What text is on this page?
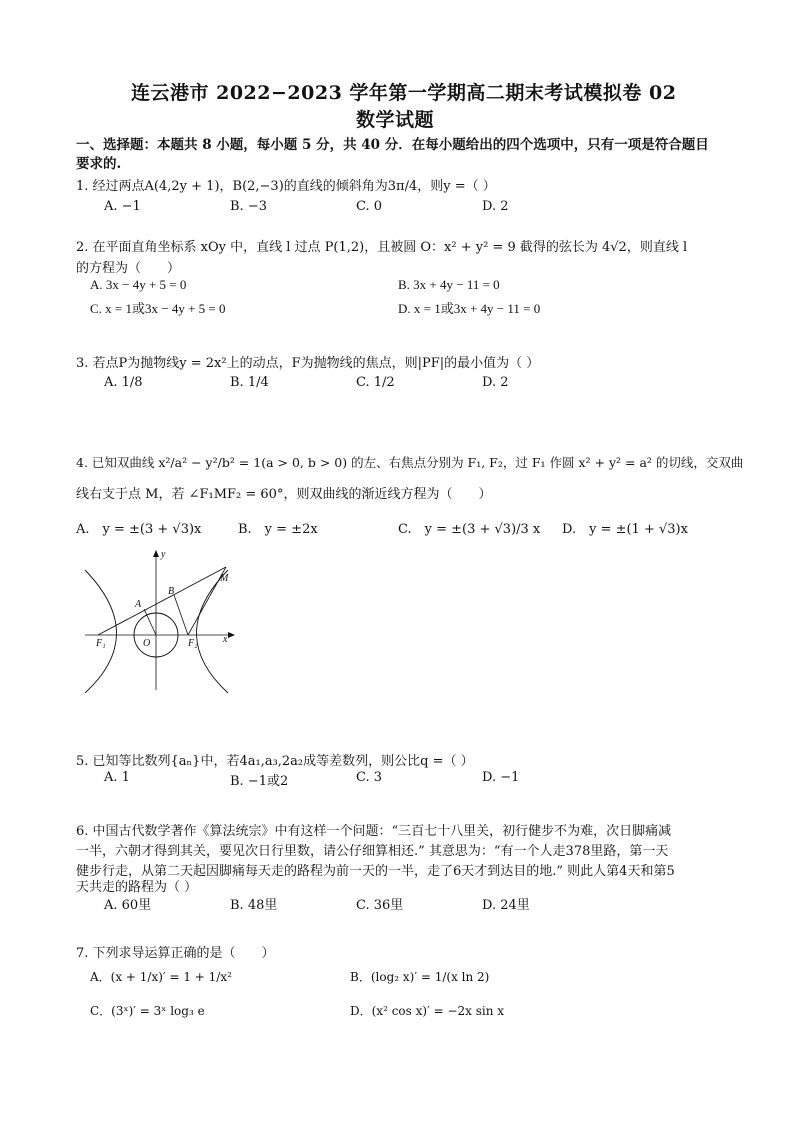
连云港市 2022−2023 学年第一学期高二期末考试模拟卷 02
数学试题
一、选择题：本题共 8 小题，每小题 5 分，共 40 分．在每小题给出的四个选项中，只有一项是符合题目
要求的.
1. 经过两点A(4,2y + 1)，B(2,−3)的直线的倾斜角为3π/4，则y =（ ）
A. −1	B. −3	C. 0	D. 2
2. 在平面直角坐标系 xOy 中，直线 l 过点 P(1,2)，且被圆 O：x² + y² = 9 截得的弦长为 4√2，则直线 l
的方程为（　　）
A. 3x − 4y + 5 = 0	B. 3x + 4y − 11 = 0
C. x = 1或3x − 4y + 5 = 0	D. x = 1或3x + 4y − 11 = 0
3. 若点P为抛物线y = 2x²上的动点，F为抛物线的焦点，则|PF|的最小值为（ ）
A. 1/8	B. 1/4	C. 1/2	D. 2
4. 已知双曲线 x²/a² − y²/b² = 1(a > 0, b > 0) 的左、右焦点分别为 F₁, F₂，过 F₁ 作圆 x² + y² = a² 的切线，交双曲
线右支于点 M，若 ∠F₁MF₂ = 60°，则双曲线的渐近线方程为（　　）
A.　y = ±(3 + √3)x	B.　y = ±2x	C.　y = ±(3 + √3)/3 x D.　y = ±(1 + √3)x
y
M
B
A
F₁	O	F₂	x
5. 已知等比数列{aₙ}中，若4a₁,a₃,2a₂成等差数列，则公比q =（ ）
A. 1	B. −1或2	C. 3	D. −1
6. 中国古代数学著作《算法统宗》中有这样一个问题：“三百七十八里关，初行健步不为难，次日脚痛减
一半，六朝才得到其关，要见次日行里数，请公仔细算相还.” 其意思为：“有一个人走378里路，第一天
健步行走，从第二天起因脚痛每天走的路程为前一天的一半，走了6天才到达目的地.” 则此人第4天和第5
天共走的路程为（ ）
A. 60里	B. 48里	C. 36里	D. 24里
7. 下列求导运算正确的是（　　）
A．(x + 1/x)′ = 1 + 1/x²	B．(log₂ x)′ = 1/(x ln 2)
C．(3ˣ)′ = 3ˣ log₃ e	D．(x² cos x)′ = −2x sin x
